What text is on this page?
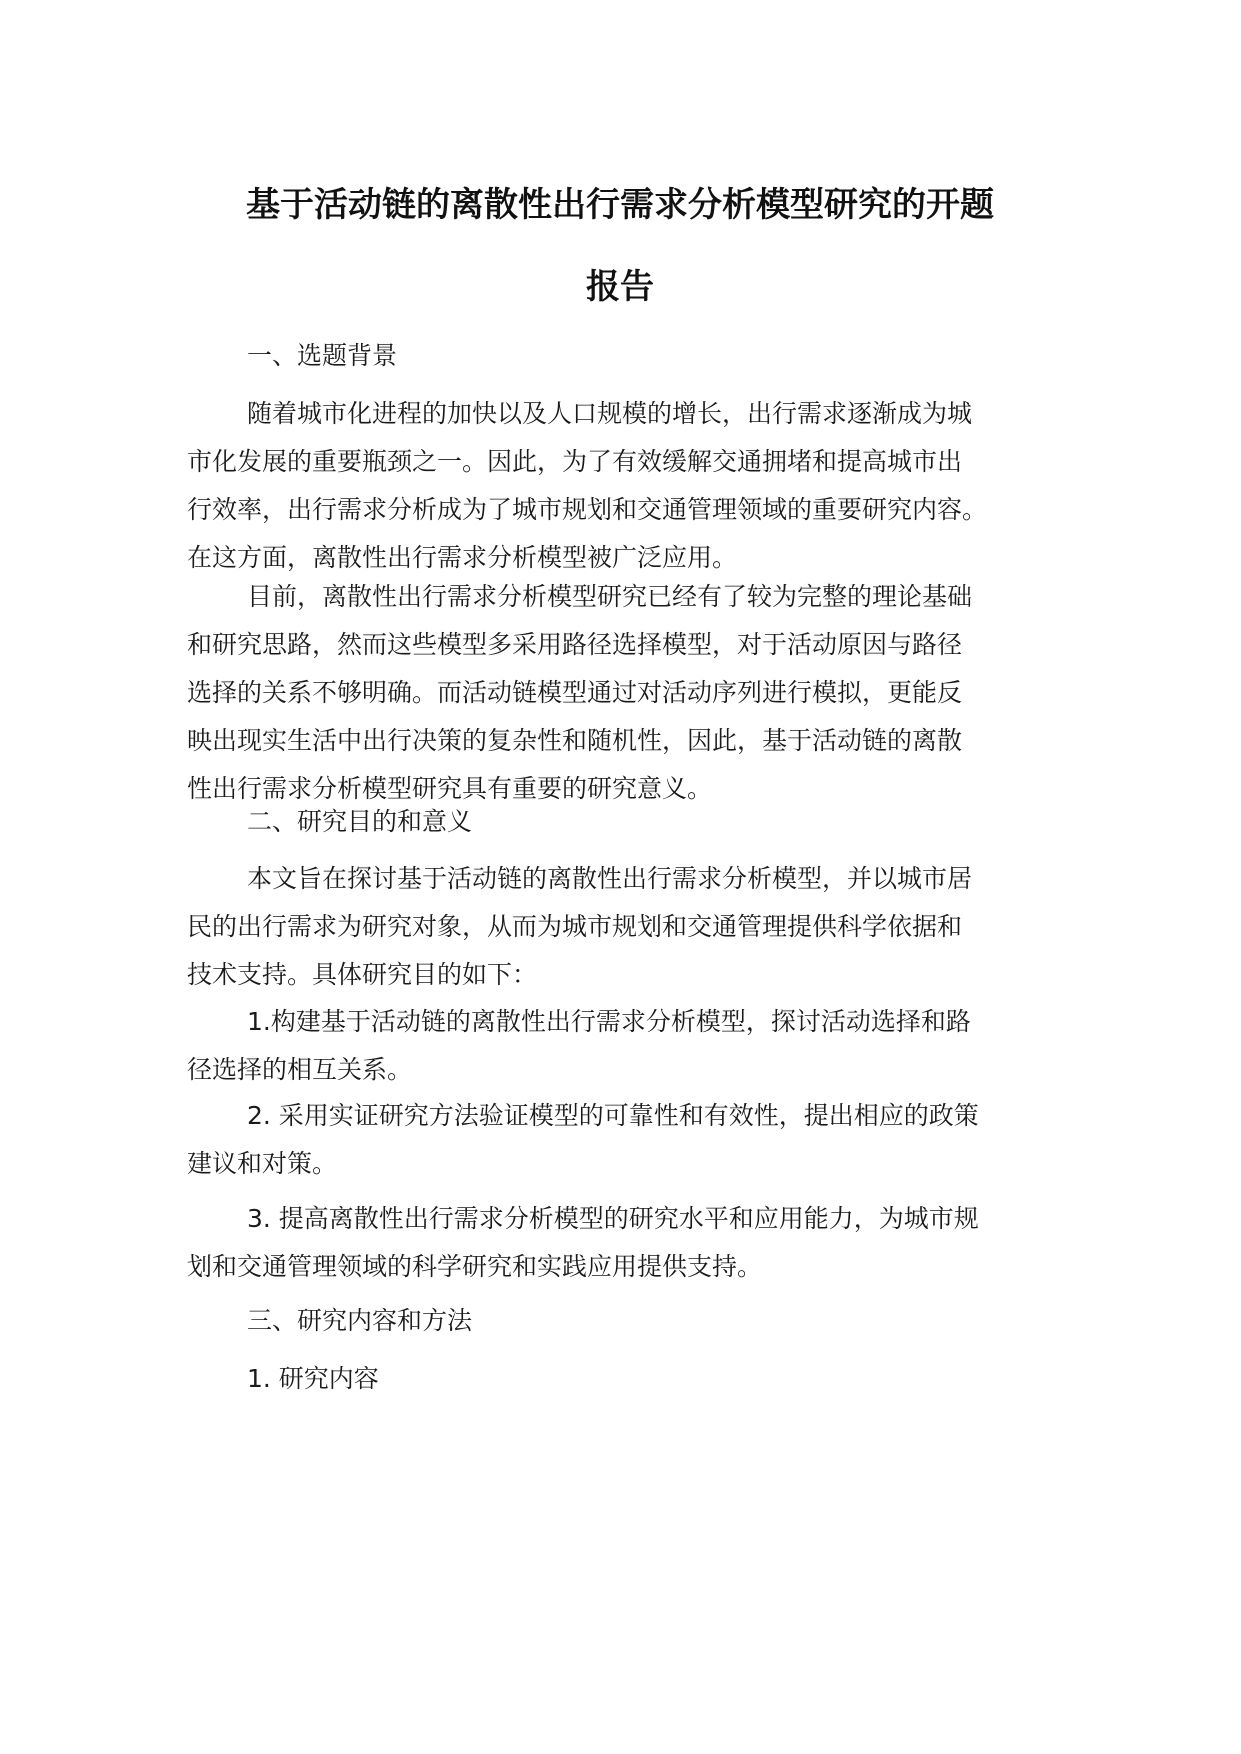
基于活动链的离散性出行需求分析模型研究的开题
报告
一、选题背景
随着城市化进程的加快以及人口规模的增长，出行需求逐渐成为城
市化发展的重要瓶颈之一。因此，为了有效缓解交通拥堵和提高城市出
行效率，出行需求分析成为了城市规划和交通管理领域的重要研究内容。
在这方面，离散性出行需求分析模型被广泛应用。
目前，离散性出行需求分析模型研究已经有了较为完整的理论基础
和研究思路，然而这些模型多采用路径选择模型，对于活动原因与路径
选择的关系不够明确。而活动链模型通过对活动序列进行模拟，更能反
映出现实生活中出行决策的复杂性和随机性，因此，基于活动链的离散
性出行需求分析模型研究具有重要的研究意义。
二、研究目的和意义
本文旨在探讨基于活动链的离散性出行需求分析模型，并以城市居
民的出行需求为研究对象，从而为城市规划和交通管理提供科学依据和
技术支持。具体研究目的如下：
1.构建基于活动链的离散性出行需求分析模型，探讨活动选择和路
径选择的相互关系。
2. 采用实证研究方法验证模型的可靠性和有效性，提出相应的政策
建议和对策。
3. 提高离散性出行需求分析模型的研究水平和应用能力，为城市规
划和交通管理领域的科学研究和实践应用提供支持。
三、研究内容和方法
1. 研究内容
